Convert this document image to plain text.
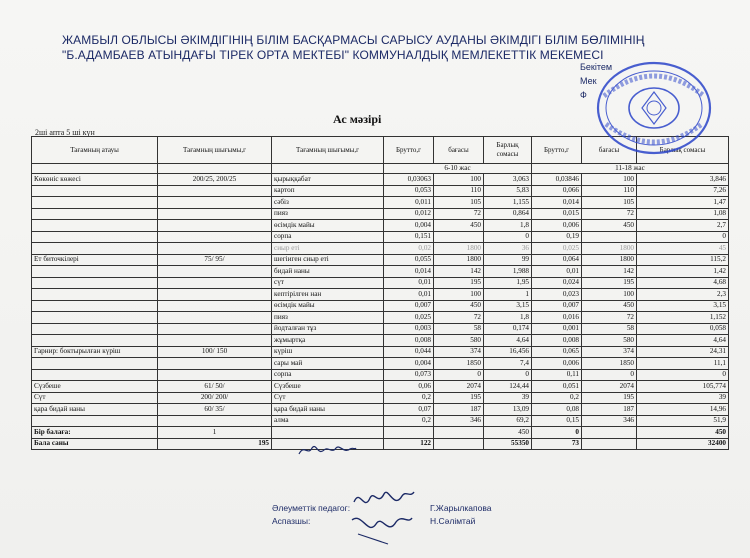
ЖАМБЫЛ ОБЛЫСЫ ӘКІМДІГІНІҢ БІЛІМ БАСҚАРМАСЫ САРЫСУ АУДАНЫ ӘКІМДІГІ БІЛІМ БӨЛІМІНІҢ
"Б.АДАМБАЕВ АТЫНДАҒЫ ТІРЕК ОРТА МЕКТЕБІ" КОММУНАЛДЫҚ МЕМЛЕКЕТТІК МЕКЕМЕСІ
Бекітем
Мек
Ф
Ас мәзірі
2ші апта 5 ші күн
Тағамның атауы	Тағамның шығымы,г	Тағамның шығымы,г	Брутто,г	бағасы	Барлық сомасы	Брутто,г	бағасы	Барлық сомасы
			6-10 жас			11-18 жас		
Көкөніс көжесі	200/25, 200/25	қырыққабат	0,03063	100	3,063	0,03846	100	3,846
		картоп	0,053	110	5,83	0,066	110	7,26
		сәбіз	0,011	105	1,155	0,014	105	1,47
		пияз	0,012	72	0,864	0,015	72	1,08
		өсімдік майы	0,004	450	1,8	0,006	450	2,7
		сорпа	0,151		0	0,19		0
		сиыр еті	0,02	1800	36	0,025	1800	45
Ет биточкілері	75/ 95/	шегіиген сиыр еті	0,055	1800	99	0,064	1800	115,2
		бидай наны	0,014	142	1,988	0,01	142	1,42
		сүт	0,01	195	1,95	0,024	195	4,68
		кептірілген нан	0,01	100	1	0,023	100	2,3
		өсімдік майы	0,007	450	3,15	0,007	450	3,15
		пияз	0,025	72	1,8	0,016	72	1,152
		йодталған тұз	0,003	58	0,174	0,001	58	0,058
		жұмыртқа	0,008	580	4,64	0,008	580	4,64
Гарнир: боктырылған күріш	100/ 150	күріш	0,044	374	16,456	0,065	374	24,31
		сары май	0,004	1850	7,4	0,006	1850	11,1
		сорпа	0,073	0	0	0,11	0	0
Сүзбеше	61/ 50/	Сүзбеше	0,06	2074	124,44	0,051	2074	105,774
Сүт	200/ 200/	Сүт	0,2	195	39	0,2	195	39
қара бидай наны	60/ 35/	қара бидай наны	0,07	187	13,09	0,08	187	14,96
		алма	0,2	346	69,2	0,15	346	51,9
Бір балаға:	1				450	0		450
Бала саны	195		122		55350	73		32400
Әлеуметтік педагог:	Г.Жарылкапова
Аспазшы:	Н.Сәлімтай
